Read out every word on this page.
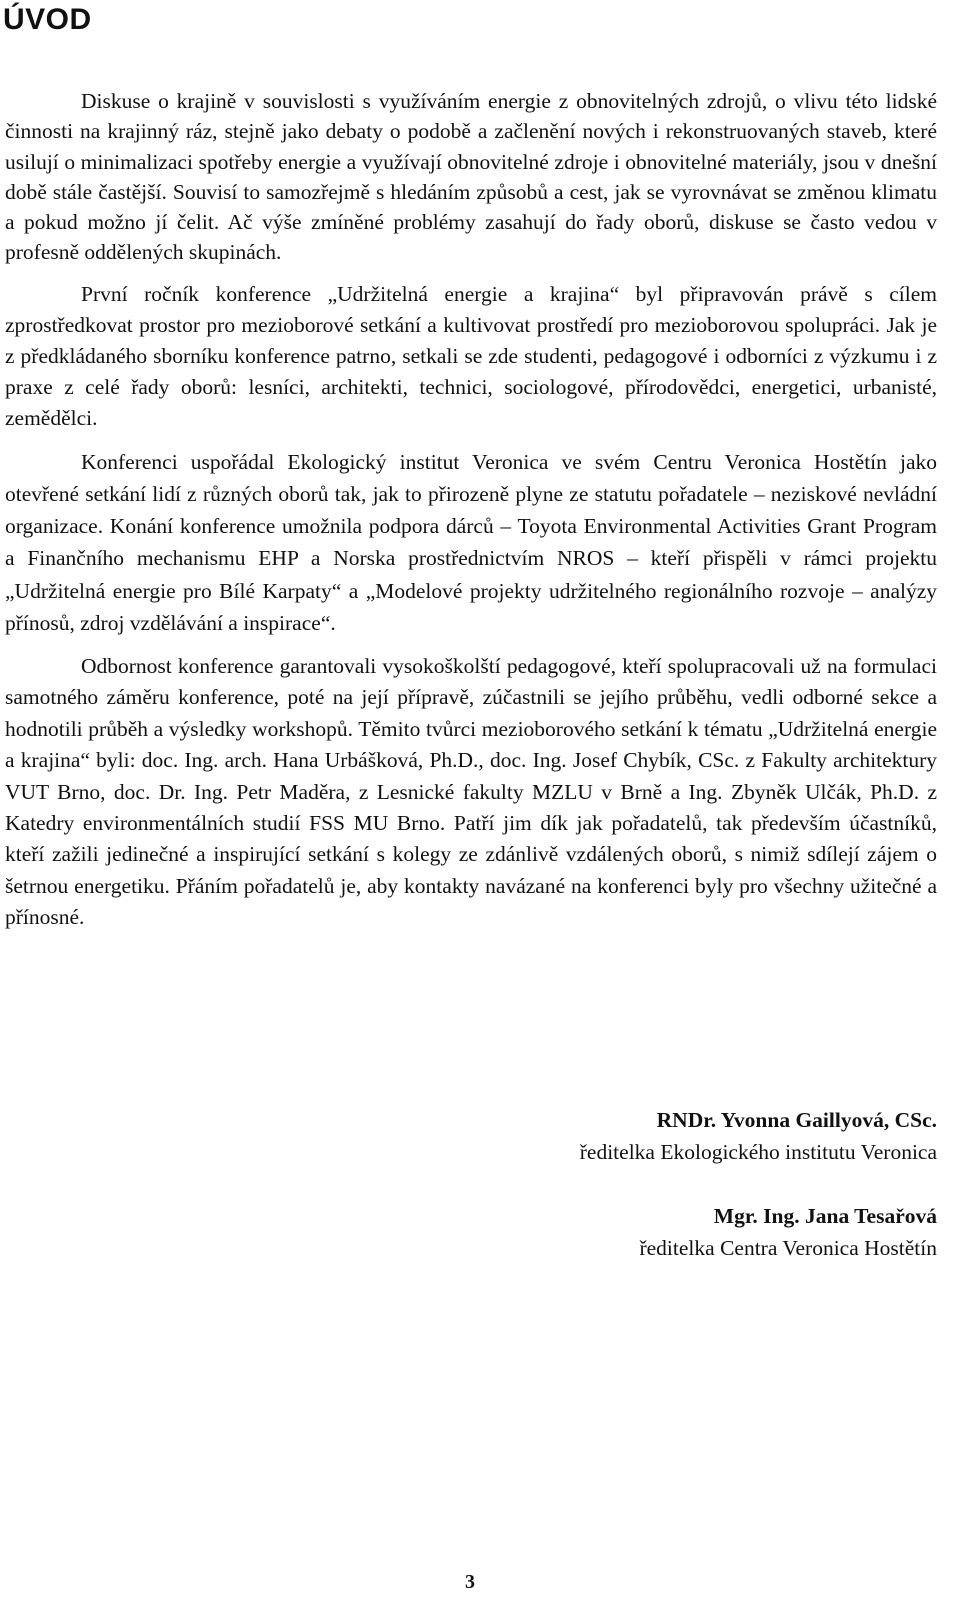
ÚVOD

Diskuse o krajině v souvislosti s využíváním energie z obnovitelných zdrojů, o vlivu této lidské činnosti na krajinný ráz, stejně jako debaty o podobě a začlenění nových i rekonstruovaných staveb, které usilují o minimalizaci spotřeby energie a využívají obnovitelné zdroje i obnovitelné materiály, jsou v dnešní době stále častější. Souvisí to samozřejmě s hledáním způsobů a cest, jak se vyrovnávat se změnou klimatu a pokud možno jí čelit. Ač výše zmíněné problémy zasahují do řady oborů, diskuse se často vedou v profesně oddělených skupinách.

První ročník konference „Udržitelná energie a krajina“ byl připravován právě s cílem zprostředkovat prostor pro mezioborové setkání a kultivovat prostředí pro mezioborovou spolupráci. Jak je z předkládaného sborníku konference patrno, setkali se zde studenti, pedagogové i odborníci z výzkumu i z praxe z celé řady oborů: lesníci, architekti, technici, sociologové, přírodovědci, energetici, urbanisté, zemědělci.

Konferenci uspořádal Ekologický institut Veronica ve svém Centru Veronica Hostětín jako otevřené setkání lidí z různých oborů tak, jak to přirozeně plyne ze statutu pořadatele – neziskové nevládní organizace. Konání konference umožnila podpora dárců – Toyota Environmental Activities Grant Program a Finančního mechanismu EHP a Norska prostřednictvím NROS – kteří přispěli v rámci projektu „Udržitelná energie pro Bílé Karpaty“ a „Modelové projekty udržitelného regionálního rozvoje – analýzy přínosů, zdroj vzdělávání a inspirace“.

Odbornost konference garantovali vysokoškolští pedagogové, kteří spolupracovali už na formulaci samotného záměru konference, poté na její přípravě, zúčastnili se jejího průběhu, vedli odborné sekce a hodnotili průběh a výsledky workshopů. Těmito tvůrci mezioborového setkání k tématu „Udržitelná energie a krajina“ byli: doc. Ing. arch. Hana Urbášková, Ph.D., doc. Ing. Josef Chybík, CSc. z Fakulty architektury VUT Brno, doc. Dr. Ing. Petr Maděra, z Lesnické fakulty MZLU v Brně a Ing. Zbyněk Ulčák, Ph.D. z Katedry environmentálních studií FSS MU Brno. Patří jim dík jak pořadatelů, tak především účastníků, kteří zažili jedinečné a inspirující setkání s kolegy ze zdánlivě vzdálených oborů, s nimiž sdílejí zájem o šetrnou energetiku. Přáním pořadatelů je, aby kontakty navázané na konferenci byly pro všechny užitečné a přínosné.

RNDr. Yvonna Gaillyová, CSc.
ředitelka Ekologického institutu Veronica
Mgr. Ing. Jana Tesařová
ředitelka Centra Veronica Hostětín
3
